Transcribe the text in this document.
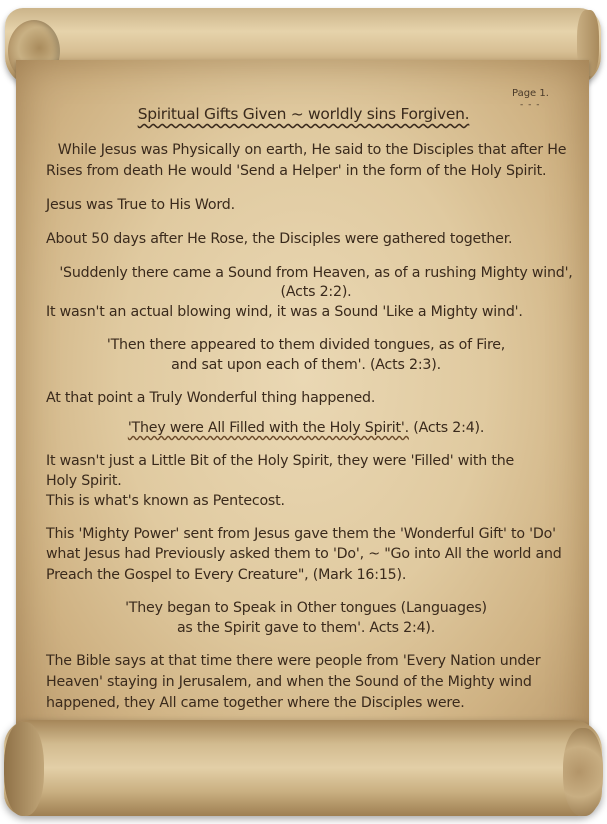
Page 1.
- - -
Spiritual Gifts Given ~ worldly sins Forgiven.

While Jesus was Physically on earth, He said to the Disciples that after He

Rises from death He would 'Send a Helper' in the form of the Holy Spirit.

Jesus was True to His Word.

About 50 days after He Rose, the Disciples were gathered together.

'Suddenly there came a Sound from Heaven, as of a rushing Mighty wind',

(Acts 2:2).

It wasn't an actual blowing wind, it was a Sound 'Like a Mighty wind'.

'Then there appeared to them divided tongues, as of Fire,

and sat upon each of them'. (Acts 2:3).

At that point a Truly Wonderful thing happened.

'They were All Filled with the Holy Spirit'. (Acts 2:4).

It wasn't just a Little Bit of the Holy Spirit, they were 'Filled' with the

Holy Spirit.

This is what's known as Pentecost.

This 'Mighty Power' sent from Jesus gave them the 'Wonderful Gift' to 'Do'

what Jesus had Previously asked them to 'Do', ~ "Go into All the world and

Preach the Gospel to Every Creature", (Mark 16:15).

'They began to Speak in Other tongues (Languages)

as the Spirit gave to them'. Acts 2:4).

The Bible says at that time there were people from 'Every Nation under

Heaven' staying in Jerusalem, and when the Sound of the Mighty wind

happened, they All came together where the Disciples were.
